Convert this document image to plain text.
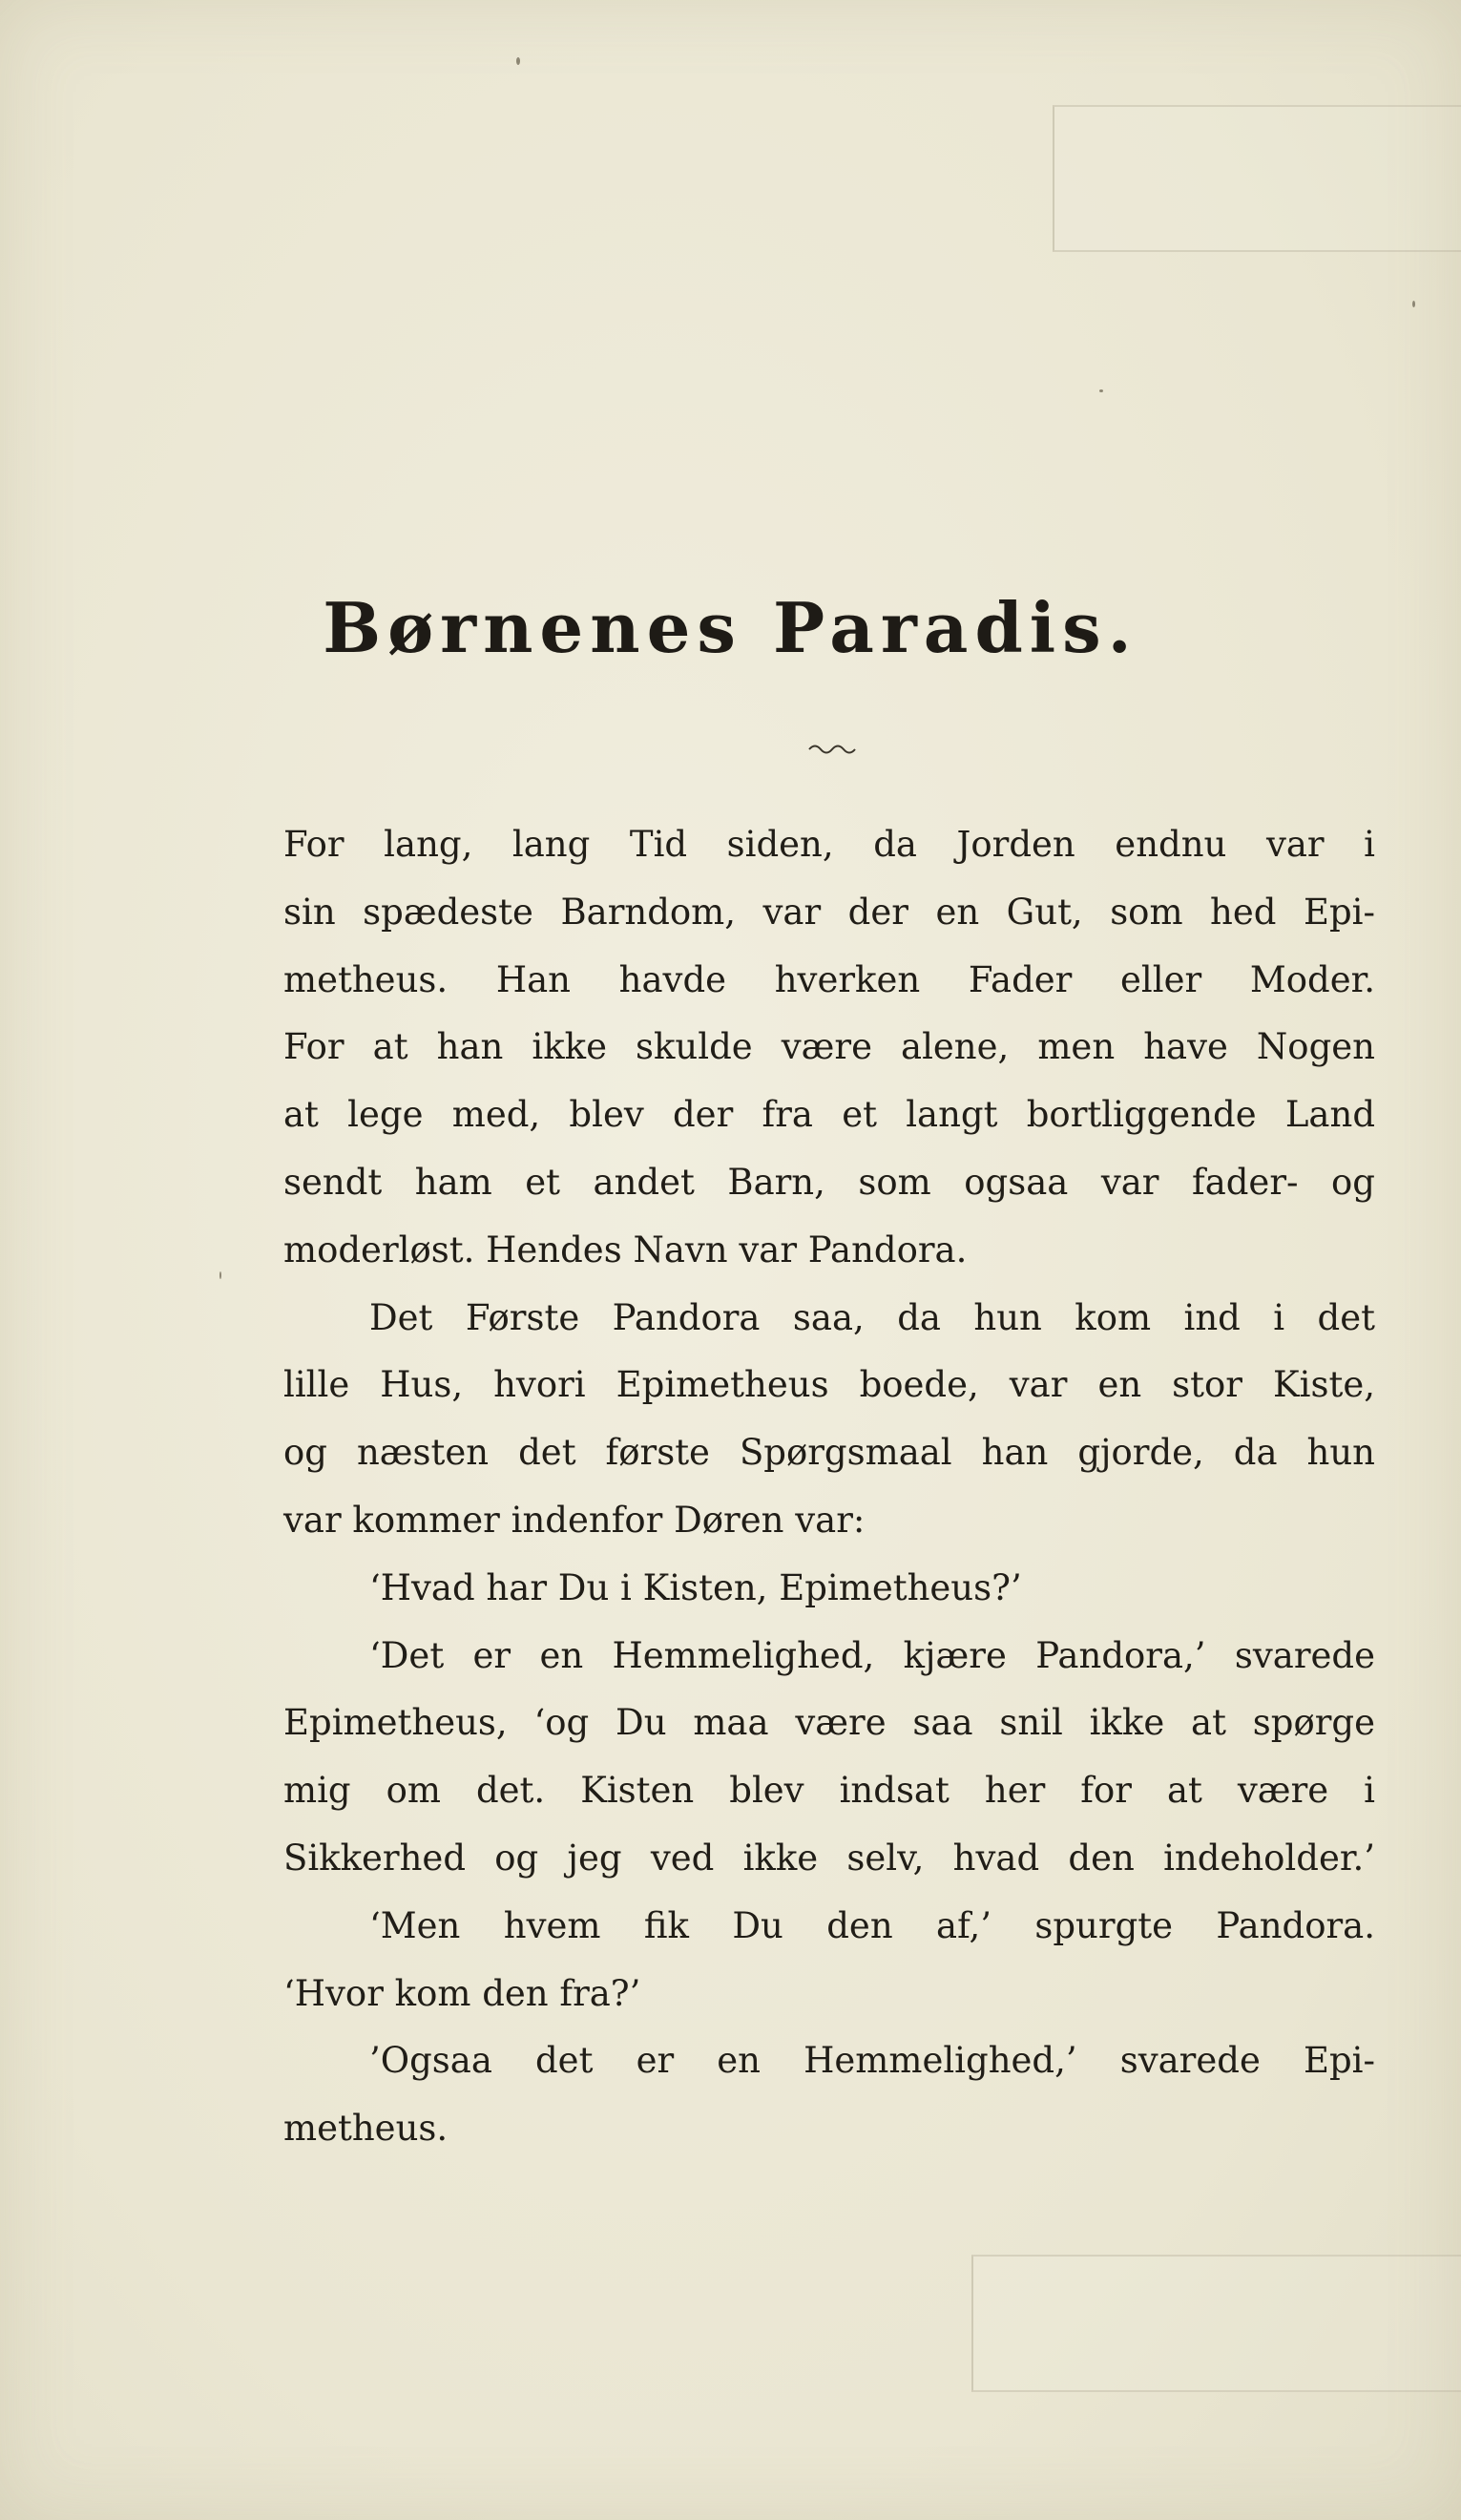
Børnenes Paradis.
For lang, lang Tid siden, da Jorden endnu var i
sin spædeste Barndom, var der en Gut, som hed Epi-
metheus. Han havde hverken Fader eller Moder.
For at han ikke skulde være alene, men have Nogen
at lege med, blev der fra et langt bortliggende Land
sendt ham et andet Barn, som ogsaa var fader- og
moderløst. Hendes Navn var Pandora.
Det Første Pandora saa, da hun kom ind i det
lille Hus, hvori Epimetheus boede, var en stor Kiste,
og næsten det første Spørgsmaal han gjorde, da hun
var kommer indenfor Døren var:
‘Hvad har Du i Kisten, Epimetheus?’
‘Det er en Hemmelighed, kjære Pandora,’ svarede
Epimetheus, ‘og Du maa være saa snil ikke at spørge
mig om det. Kisten blev indsat her for at være i
Sikkerhed og jeg ved ikke selv, hvad den indeholder.’
‘Men hvem fik Du den af,’ spurgte Pandora.
‘Hvor kom den fra?’
’Ogsaa det er en Hemmelighed,’ svarede Epi-
metheus.
